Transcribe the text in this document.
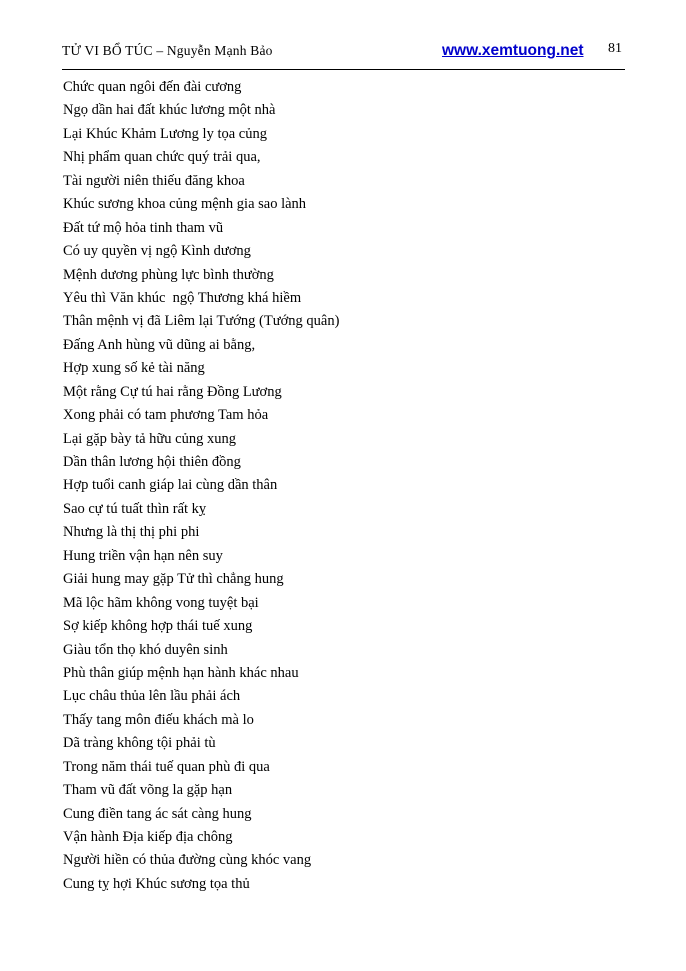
TỬ VI BỔ TÚC – Nguyễn Mạnh Bảo	www.xemtuong.net 81
Chức quan ngôi đến đài cương
Ngọ dần hai đất khúc lương một nhà
Lại Khúc Khảm Lương ly tọa củng
Nhị phẩm quan chức quý trải qua,
Tài người niên thiếu đăng khoa
Khúc sương khoa củng mệnh gia sao lành
Đất tứ mộ hỏa tinh tham vũ
Có uy quyền vị ngộ Kình dương
Mệnh dương phùng lực bình thường
Yêu thì Văn khúc  ngộ Thương khá hiềm
Thân mệnh vị đã Liêm lại Tướng (Tướng quân)
Đấng Anh hùng vũ dũng ai bằng,
Hợp xung số kẻ tài năng
Một rằng Cự tú hai rằng Đồng Lương
Xong phải có tam phương Tam hỏa
Lại gặp bày tả hữu củng xung
Dần thân lương hội thiên đồng
Hợp tuổi canh giáp lai cùng dần thân
Sao cự tú tuất thìn rất kỵ
Nhưng là thị thị phi phi
Hung triền vận hạn nên suy
Giải hung may gặp Tử thì chẳng hung
Mã lộc hãm không vong tuyệt bại
Sợ kiếp không hợp thái tuế xung
Giàu tổn thọ khó duyên sinh
Phù thân giúp mệnh hạn hành khác nhau
Lục châu thủa lên lầu phải ách
Thấy tang môn điếu khách mà lo
Dã tràng không tội phải tù
Trong năm thái tuế quan phù đi qua
Tham vũ đất võng la gặp hạn
Cung điền tang ác sát càng hung
Vận hành Địa kiếp địa chông
Người hiền có thủa đường cùng khóc vang
Cung tỵ hợi Khúc sương tọa thủ
